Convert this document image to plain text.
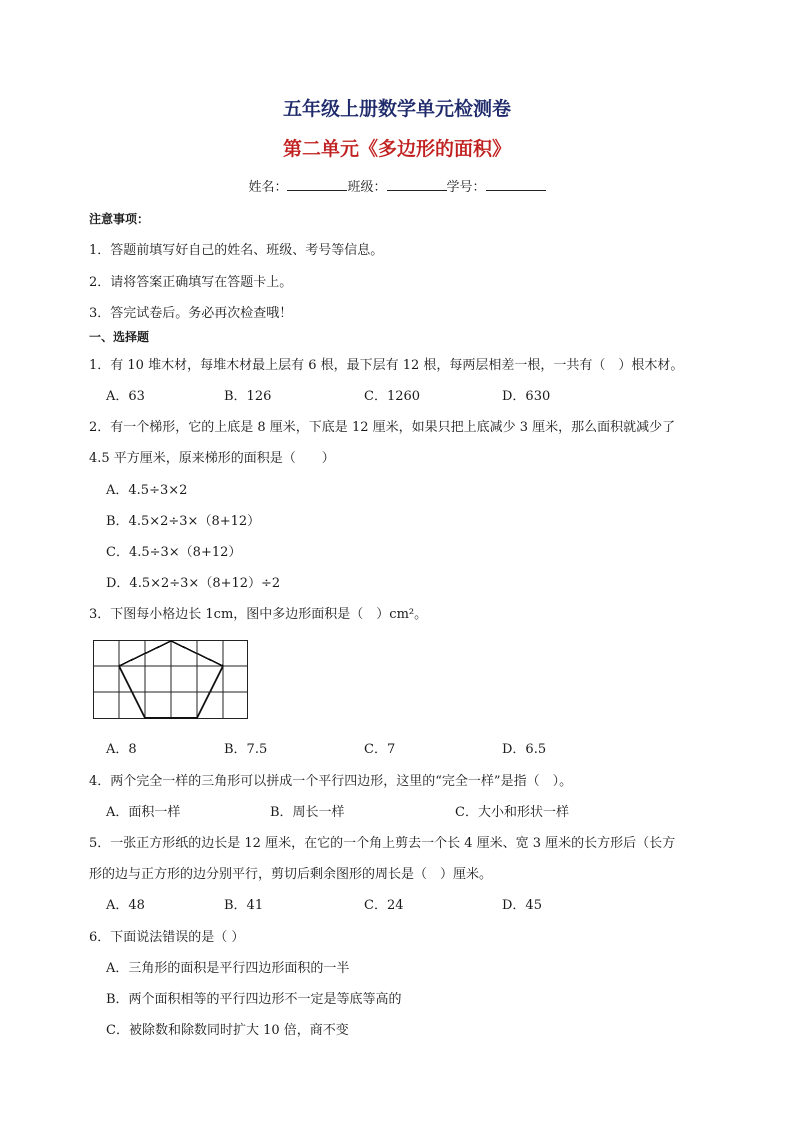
五年级上册数学单元检测卷
第二单元《多边形的面积》
姓名：	班级：	学号：
注意事项：
1．答题前填写好自己的姓名、班级、考号等信息。
2．请将答案正确填写在答题卡上。
3．答完试卷后。务必再次检查哦！
一、选择题
1．有 10 堆木材，每堆木材最上层有 6 根，最下层有 12 根，每两层相差一根，一共有（　）根木材。
A．63	B．126	C．1260	D．630
2．有一个梯形，它的上底是 8 厘米，下底是 12 厘米，如果只把上底减少 3 厘米，那么面积就减少了
4.5 平方厘米，原来梯形的面积是（　　）
A．4.5÷3×2
B．4.5×2÷3×（8+12）
C．4.5÷3×（8+12）
D．4.5×2÷3×（8+12）÷2
3．下图每小格边长 1cm，图中多边形面积是（　）cm²。
A．8	B．7.5	C．7	D．6.5
4．两个完全一样的三角形可以拼成一个平行四边形，这里的“完全一样”是指（　）。
A．面积一样	B．周长一样	C．大小和形状一样
5．一张正方形纸的边长是 12 厘米，在它的一个角上剪去一个长 4 厘米、宽 3 厘米的长方形后（长方
形的边与正方形的边分别平行，剪切后剩余图形的周长是（　）厘米。
A．48	B．41	C．24	D．45
6．下面说法错误的是（ ）
A．三角形的面积是平行四边形面积的一半
B．两个面积相等的平行四边形不一定是等底等高的
C．被除数和除数同时扩大 10 倍，商不变
